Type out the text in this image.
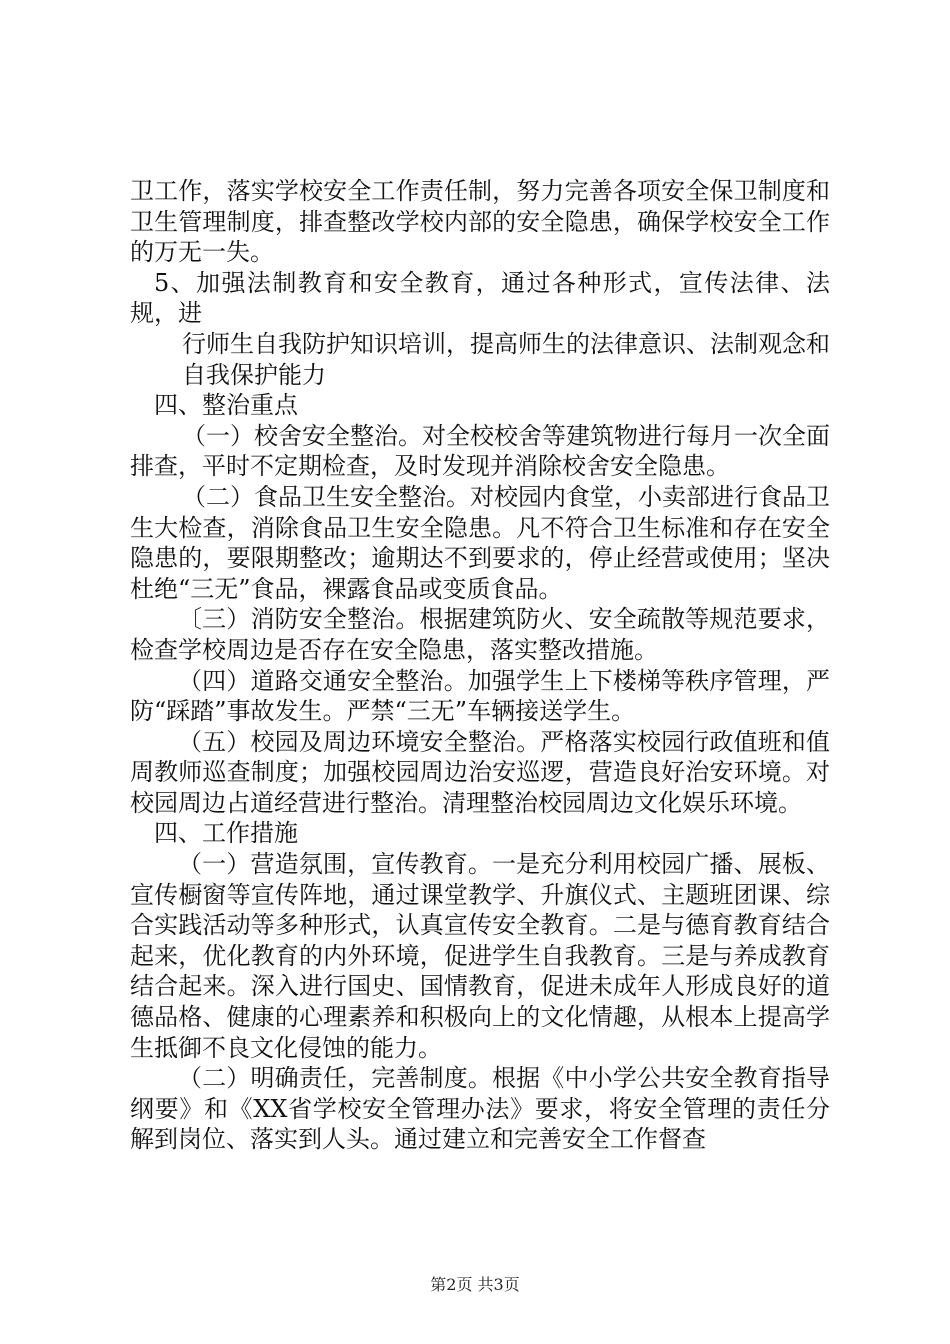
卫工作，落实学校安全工作责任制，努力完善各项安全保卫制度和卫生管理制度，排查整改学校内部的安全隐患，确保学校安全工作的万无一失。

5、加强法制教育和安全教育，通过各种形式，宣传法律、法规，进

行师生自我防护知识培训，提高师生的法律意识、法制观念和自我保护能力

四、整治重点

（一）校舍安全整治。对全校校舍等建筑物进行每月一次全面排查，平时不定期检查，及时发现并消除校舍安全隐患。

（二）食品卫生安全整治。对校园内食堂，小卖部进行食品卫生大检查，消除食品卫生安全隐患。凡不符合卫生标准和存在安全隐患的，要限期整改；逾期达不到要求的，停止经营或使用；坚决杜绝“三无”食品，裸露食品或变质食品。

〔三）消防安全整治。根据建筑防火、安全疏散等规范要求，检查学校周边是否存在安全隐患，落实整改措施。

（四）道路交通安全整治。加强学生上下楼梯等秩序管理，严防“踩踏”事故发生。严禁“三无”车辆接送学生。

（五）校园及周边环境安全整治。严格落实校园行政值班和值周教师巡查制度；加强校园周边治安巡逻，营造良好治安环境。对校园周边占道经营进行整治。清理整治校园周边文化娱乐环境。

四、工作措施

（一）营造氛围，宣传教育。一是充分利用校园广播、展板、宣传橱窗等宣传阵地，通过课堂教学、升旗仪式、主题班团课、综合实践活动等多种形式，认真宣传安全教育。二是与德育教育结合起来，优化教育的内外环境，促进学生自我教育。三是与养成教育结合起来。深入进行国史、国情教育，促进未成年人形成良好的道德品格、健康的心理素养和积极向上的文化情趣，从根本上提高学生抵御不良文化侵蚀的能力。

（二）明确责任，完善制度。根据《中小学公共安全教育指导纲要》和《XX省学校安全管理办法》要求，将安全管理的责任分解到岗位、落实到人头。通过建立和完善安全工作督查

第2页 共3页
